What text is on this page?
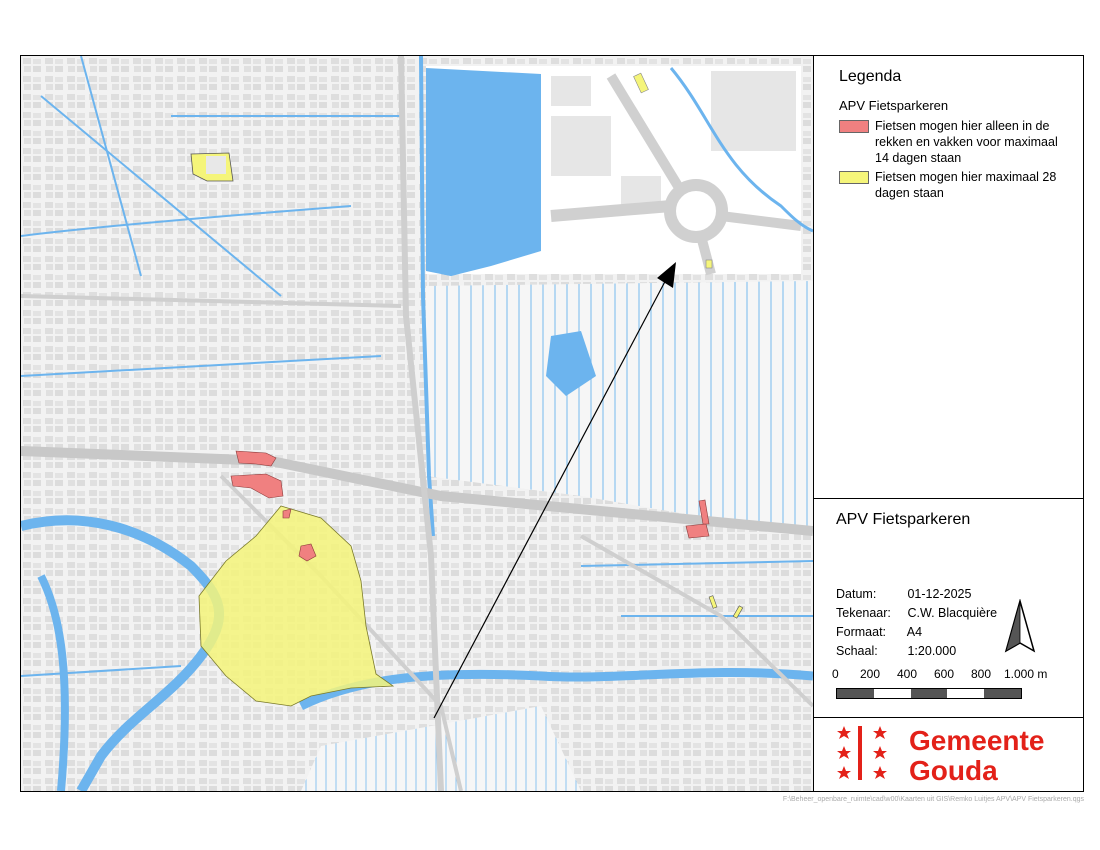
Legenda
APV Fietsparkeren
Fietsen mogen hier alleen in de rekken en vakken voor maximaal 14 dagen staan
Fietsen mogen hier maximaal 28 dagen staan
APV Fietsparkeren
Datum: 01-12-2025
Tekenaar: C.W. Blacquière
Formaat: A4
Schaal: 1:20.000
0 200 400 600 800 1.000 m
Gemeente
Gouda
F:\Beheer_openbare_ruimte\cad\w00\Kaarten uit GIS\Remko Luitjes APV\APV Fietsparkeren.qgs
